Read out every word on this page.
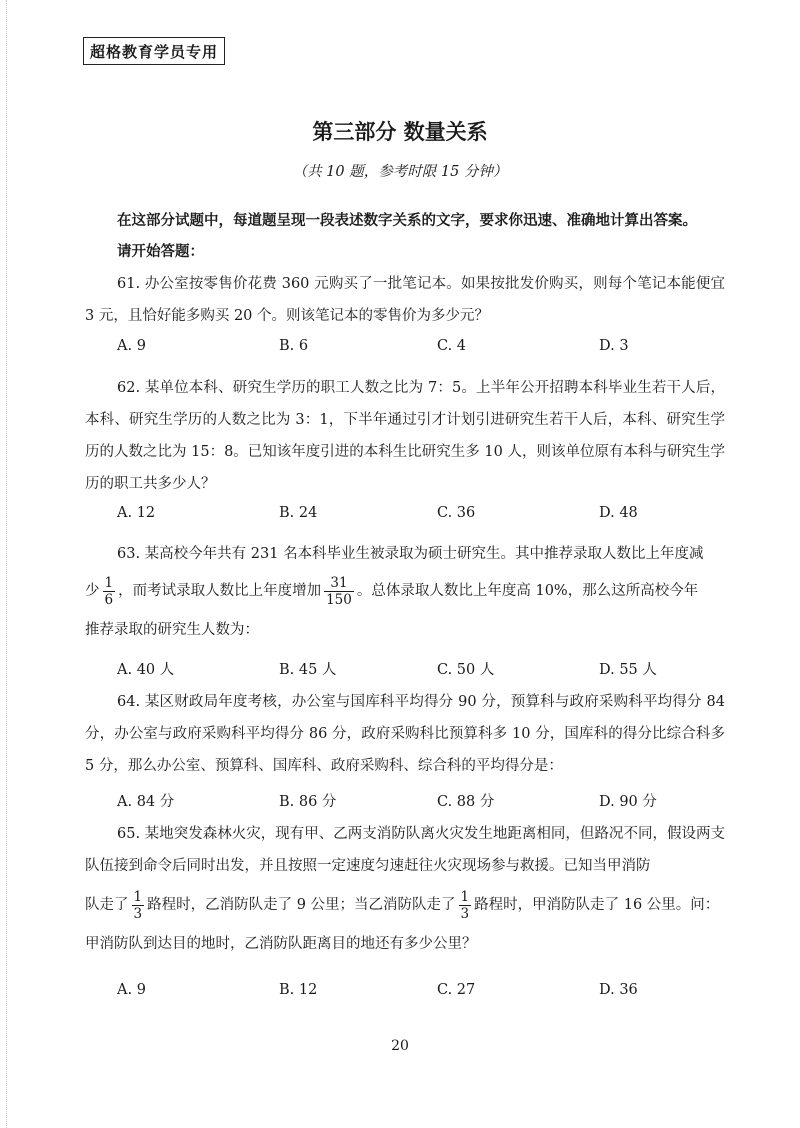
超格教育学员专用
第三部分 数量关系
（共 10 题，参考时限 15 分钟）
在这部分试题中，每道题呈现一段表述数字关系的文字，要求你迅速、准确地计算出答案。
请开始答题：
61. 办公室按零售价花费 360 元购买了一批笔记本。如果按批发价购买，则每个笔记本能便宜 3 元，且恰好能多购买 20 个。则该笔记本的零售价为多少元？
A. 9	B. 6	C. 4	D. 3
62. 某单位本科、研究生学历的职工人数之比为 7：5。上半年公开招聘本科毕业生若干人后，本科、研究生学历的人数之比为 3：1，下半年通过引才计划引进研究生若干人后，本科、研究生学历的人数之比为 15：8。已知该年度引进的本科生比研究生多 10 人，则该单位原有本科与研究生学历的职工共多少人？
A. 12	B. 24	C. 36	D. 48
63. 某高校今年共有 231 名本科毕业生被录取为硕士研究生。其中推荐录取人数比上年度减
少 $\frac{1}{6}$ ，而考试录取人数比上年度增加 $\frac{31}{150}$ 。总体录取人数比上年度高 10%，那么这所高校今年
推荐录取的研究生人数为：
A. 40 人	B. 45 人	C. 50 人	D. 55 人
64. 某区财政局年度考核，办公室与国库科平均得分 90 分，预算科与政府采购科平均得分 84 分，办公室与政府采购科平均得分 86 分，政府采购科比预算科多 10 分，国库科的得分比综合科多 5 分，那么办公室、预算科、国库科、政府采购科、综合科的平均得分是：
A. 84 分	B. 86 分	C. 88 分	D. 90 分
65. 某地突发森林火灾，现有甲、乙两支消防队离火灾发生地距离相同，但路况不同，假设两支队伍接到命令后同时出发，并且按照一定速度匀速赶往火灾现场参与救援。已知当甲消防
队走了 $\frac{1}{3}$ 路程时，乙消防队走了 9 公里；当乙消防队走了 $\frac{1}{3}$ 路程时，甲消防队走了 16 公里。问：
甲消防队到达目的地时，乙消防队距离目的地还有多少公里？
A. 9	B. 12	C. 27	D. 36
20
